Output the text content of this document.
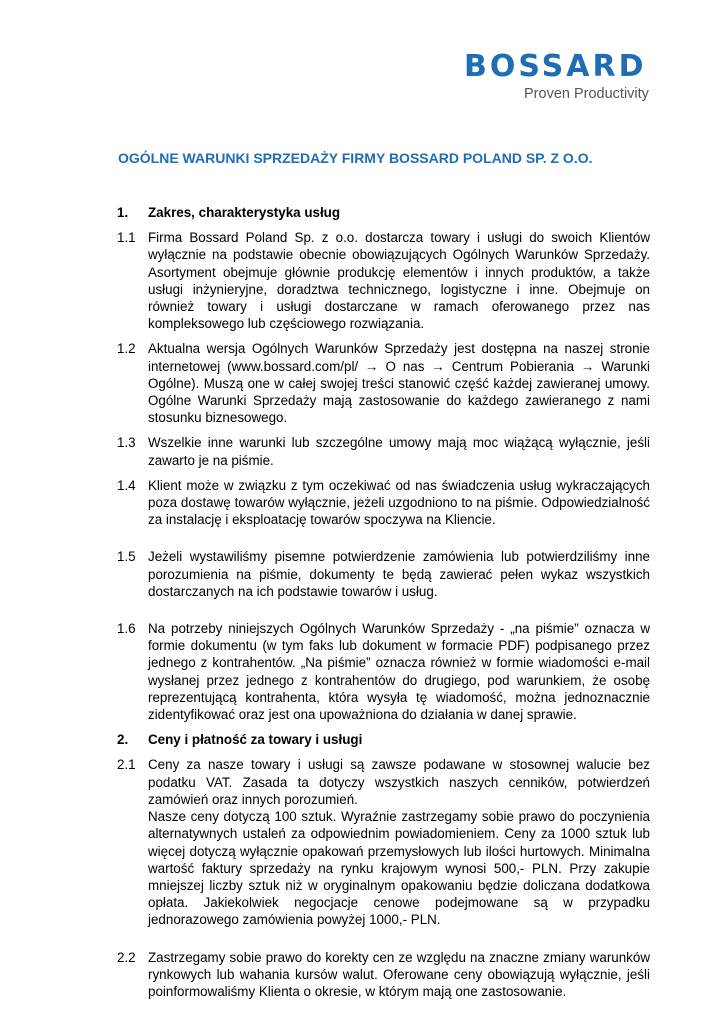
BOSSARD
Proven Productivity
OGÓLNE WARUNKI SPRZEDAŻY FIRMY BOSSARD POLAND SP. Z O.O.
1.	Zakres, charakterystyka usług
1.1 Firma Bossard Poland Sp. z o.o. dostarcza towary i usługi do swoich Klientów wyłącznie na podstawie obecnie obowiązujących Ogólnych Warunków Sprzedaży. Asortyment obejmuje głównie produkcję elementów i innych produktów, a także usługi inżynieryjne, doradztwa technicznego, logistyczne i inne. Obejmuje on również towary i usługi dostarczane w ramach oferowanego przez nas kompleksowego lub częściowego rozwiązania.
1.2 Aktualna wersja Ogólnych Warunków Sprzedaży jest dostępna na naszej stronie internetowej (www.bossard.com/pl/ → O nas → Centrum Pobierania → Warunki Ogólne). Muszą one w całej swojej treści stanowić część każdej zawieranej umowy. Ogólne Warunki Sprzedaży mają zastosowanie do każdego zawieranego z nami stosunku biznesowego.
1.3 Wszelkie inne warunki lub szczególne umowy mają moc wiążącą wyłącznie, jeśli zawarto je na piśmie.
1.4 Klient może w związku z tym oczekiwać od nas świadczenia usług wykraczających poza dostawę towarów wyłącznie, jeżeli uzgodniono to na piśmie. Odpowiedzialność za instalację i eksploatację towarów spoczywa na Kliencie.
1.5 Jeżeli wystawiliśmy pisemne potwierdzenie zamówienia lub potwierdziliśmy inne porozumienia na piśmie, dokumenty te będą zawierać pełen wykaz wszystkich dostarczanych na ich podstawie towarów i usług.
1.6 Na potrzeby niniejszych Ogólnych Warunków Sprzedaży - „na piśmie” oznacza w formie dokumentu (w tym faks lub dokument w formacie PDF) podpisanego przez jednego z kontrahentów. „Na piśmie” oznacza również w formie wiadomości e-mail wysłanej przez jednego z kontrahentów do drugiego, pod warunkiem, że osobę reprezentującą kontrahenta, która wysyła tę wiadomość, można jednoznacznie zidentyfikować oraz jest ona upoważniona do działania w danej sprawie.
2.	Ceny i płatność za towary i usługi
2.1 Ceny za nasze towary i usługi są zawsze podawane w stosownej walucie bez podatku VAT. Zasada ta dotyczy wszystkich naszych cenników, potwierdzeń zamówień oraz innych porozumień.

Nasze ceny dotyczą 100 sztuk. Wyraźnie zastrzegamy sobie prawo do poczynienia alternatywnych ustaleń za odpowiednim powiadomieniem. Ceny za 1000 sztuk lub więcej dotyczą wyłącznie opakowań przemysłowych lub ilości hurtowych. Minimalna wartość faktury sprzedaży na rynku krajowym wynosi 500,- PLN. Przy zakupie mniejszej liczby sztuk niż w oryginalnym opakowaniu będzie doliczana dodatkowa opłata. Jakiekolwiek negocjacje cenowe podejmowane są w przypadku jednorazowego zamówienia powyżej 1000,- PLN.

2.2 Zastrzegamy sobie prawo do korekty cen ze względu na znaczne zmiany warunków rynkowych lub wahania kursów walut. Oferowane ceny obowiązują wyłącznie, jeśli poinformowaliśmy Klienta o okresie, w którym mają one zastosowanie.
